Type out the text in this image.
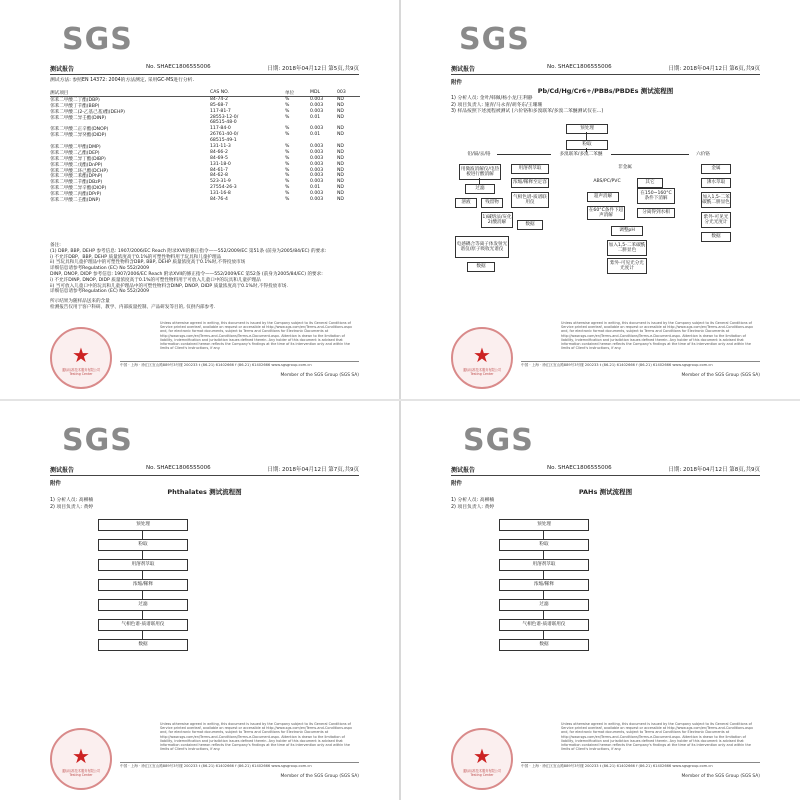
SGS
测试报告	No. SHAEC1806555006	日期: 2018年04月12日 第5页,共9页
测试方法: 参照EN 14372: 2004的方法测定, 采用GC-MS进行分析.
测试项目	CAS NO.	单位	MDL	003
邻苯二甲酸二丁酯(DBP)	84-74-2	%	0.003	ND
邻苯二甲酸丁苄酯(BBP)	85-68-7	%	0.003	ND
邻苯二甲酸二(2-乙基己基)酯(DEHP)	117-81-7	%	0.003	ND
邻苯二甲酸二异壬酯(DINP)	28553-12-0/	%	0.01	ND
68515-48-0
邻苯二甲酸二正辛酯(DNOP)	117-84-0	%	0.003	ND
邻苯二甲酸二异癸酯(DIDP)	26761-40-0/	%	0.01	ND
68515-49-1
邻苯二甲酸二甲酯(DMP)	131-11-3	%	0.003	ND
邻苯二甲酸二乙酯(DEP)	84-66-2	%	0.003	ND
邻苯二甲酸二异丁酯(DIBP)	84-69-5	%	0.003	ND
邻苯二甲酸二戊酯(DnPP)	131-18-0	%	0.003	ND
邻苯二甲酸二环己酯(DCHP)	84-61-7	%	0.003	ND
邻苯二甲酸二苯酯(DPhP)	84-62-8	%	0.003	ND
邻苯二甲酸二苄酯(DBzP)	523-31-9	%	0.003	ND
邻苯二甲酸二异辛酯(DIOP)	27554-26-3	%	0.01	ND
邻苯二甲酸二丙酯(DPrP)	131-16-8	%	0.003	ND
邻苯二甲酸二壬酯(DNP)	84-76-4	%	0.003	ND

备注:

(1) DBP, BBP, DEHP 参考信息: 1907/2006/EC Reach 附录XVII的修正指令——552/2009/EC 第51条 (前身为2005/84/EC) 的要求:

i) 不允许DBP、BBP, DEHP 质量浓度高于0.1%的可塑性物料用于玩具和儿童护理品

ii) 当玩具和儿童护理品中的可塑性物料含DBP, BBP, DEHP 质量浓度高于0.1%时,不得投放市场

详细信息请参考Regulation (EC) No 552/2009

DINP, DNOP, DIDP 参考信息: 1907/2006/EC Reach 附录XVII的修正指令——552/2009/EC 第52条 (前身为2005/84/EC) 的要求:

i) 不允许DINP, DNOP, DIDP 质量浓度高于0.1%的可塑性物料用于可放入儿童口中的玩具和儿童护理品

ii) 当可放入儿童口中的玩具和儿童护理品中的可塑性物料含DINP, DNOP, DIDP 质量浓度高于0.1%时,不得投放市场.

详细信息请参考Regulation (EC) No 552/2009

所示结果为随样品送来的含量

检测报告仅用于客户科研、教学、内部质量控制、产品研发等目的, 仅供内部参考.

Unless otherwise agreed in writing, this document is issued by the Company subject to its General Conditions of Service printed overleaf, available on request or accessible at http://www.sgs.com/en/Terms-and-Conditions.aspx and, for electronic format documents, subject to Terms and Conditions for Electronic Documents at http://www.sgs.com/en/Terms-and-Conditions/Terms-e-Document.aspx. Attention is drawn to the limitation of liability, indemnification and jurisdiction issues defined therein. Any holder of this document is advised that information contained hereon reflects the Company's findings at the time of its intervention only and within the limits of Client's instructions, if any.
★
通标标准技术服务有限公司 Testing Center
中国 · 上海 · 徐汇区宜山路889号3号楼 200233 t (86-21) 61402666 f (86-21) 61402666 www.sgsgroup.com.cn
Member of the SGS Group (SGS SA)
SGS
测试报告	No. SHAEC1806555006	日期: 2018年04月12日 第6页,共9页
附件
Pb/Cd/Hg/Cr6+/PBBs/PBDEs 测试流程图
1) 分析人员: 金叶/韩佩/杨小龙/王利静
2) 项目负责人: 施青/马永青/胡冬东/王珊珊
3) 样品按照下述流程被测试 (六价铬和多溴联苯/多溴二苯醚测试仅在...)
预处理
粉取
铅/镉/汞/铬	多溴联苯/多溴二苯醚	六价铬
用微波消解仪/电热板进行酸消解
用溶剂萃取	非金属	金属
过滤
浓缩/稀释至定容	ABS/PC/PVC	其它	沸水萃取
溶液	残留物
气相色谱-质谱联用仪
超声消解
在150~160°C条件下消解	加入1,5-二苯碳酰二肼显色
1)碱熔法/灰化2)酸消解	数据
在60°C条件下超声消解
分离得到水相
紫外-可见光分光光度计
调整pH
电感耦合等离子体发射光谱仪/原子吸收光谱仪
数据
加入1,5-二苯碳酰二肼显色
数据
紫外-可见光分光光度计
Unless otherwise agreed in writing, this document is issued by the Company subject to its General Conditions of Service printed overleaf, available on request or accessible at http://www.sgs.com/en/Terms-and-Conditions.aspx and, for electronic format documents, subject to Terms and Conditions for Electronic Documents at http://www.sgs.com/en/Terms-and-Conditions/Terms-e-Document.aspx. Attention is drawn to the limitation of liability, indemnification and jurisdiction issues defined therein. Any holder of this document is advised that information contained hereon reflects the Company's findings at the time of its intervention only and within the limits of Client's instructions, if any.
★
通标标准技术服务有限公司 Testing Center
中国 · 上海 · 徐汇区宜山路889号3号楼 200233 t (86-21) 61402666 f (86-21) 61402666 www.sgsgroup.com.cn
Member of the SGS Group (SGS SA)
SGS
测试报告	No. SHAEC1806555006	日期: 2018年04月12日 第7页,共9页
附件
Phthalates 测试流程图
1) 分析人员: 高柳楠
2) 项目负责人: 黄婷
预处理
粉取
用溶剂萃取
浓缩/稀释
过滤
气相色谱-质谱联用仪
数据
Unless otherwise agreed in writing, this document is issued by the Company subject to its General Conditions of Service printed overleaf, available on request or accessible at http://www.sgs.com/en/Terms-and-Conditions.aspx and, for electronic format documents, subject to Terms and Conditions for Electronic Documents at http://www.sgs.com/en/Terms-and-Conditions/Terms-e-Document.aspx. Attention is drawn to the limitation of liability, indemnification and jurisdiction issues defined therein. Any holder of this document is advised that information contained hereon reflects the Company's findings at the time of its intervention only and within the limits of Client's instructions, if any.
★
通标标准技术服务有限公司 Testing Center
中国 · 上海 · 徐汇区宜山路889号3号楼 200233 t (86-21) 61402666 f (86-21) 61402666 www.sgsgroup.com.cn
Member of the SGS Group (SGS SA)
SGS
测试报告	No. SHAEC1806555006	日期: 2018年04月12日 第8页,共9页
附件
PAHs 测试流程图
1) 分析人员: 高柳楠
2) 项目负责人: 黄婷
预处理
粉取
用溶剂萃取
浓缩/稀释
过滤
气相色谱-质谱联用仪
数据
Unless otherwise agreed in writing, this document is issued by the Company subject to its General Conditions of Service printed overleaf, available on request or accessible at http://www.sgs.com/en/Terms-and-Conditions.aspx and, for electronic format documents, subject to Terms and Conditions for Electronic Documents at http://www.sgs.com/en/Terms-and-Conditions/Terms-e-Document.aspx. Attention is drawn to the limitation of liability, indemnification and jurisdiction issues defined therein. Any holder of this document is advised that information contained hereon reflects the Company's findings at the time of its intervention only and within the limits of Client's instructions, if any.
★
通标标准技术服务有限公司 Testing Center
中国 · 上海 · 徐汇区宜山路889号3号楼 200233 t (86-21) 61402666 f (86-21) 61402666 www.sgsgroup.com.cn
Member of the SGS Group (SGS SA)
